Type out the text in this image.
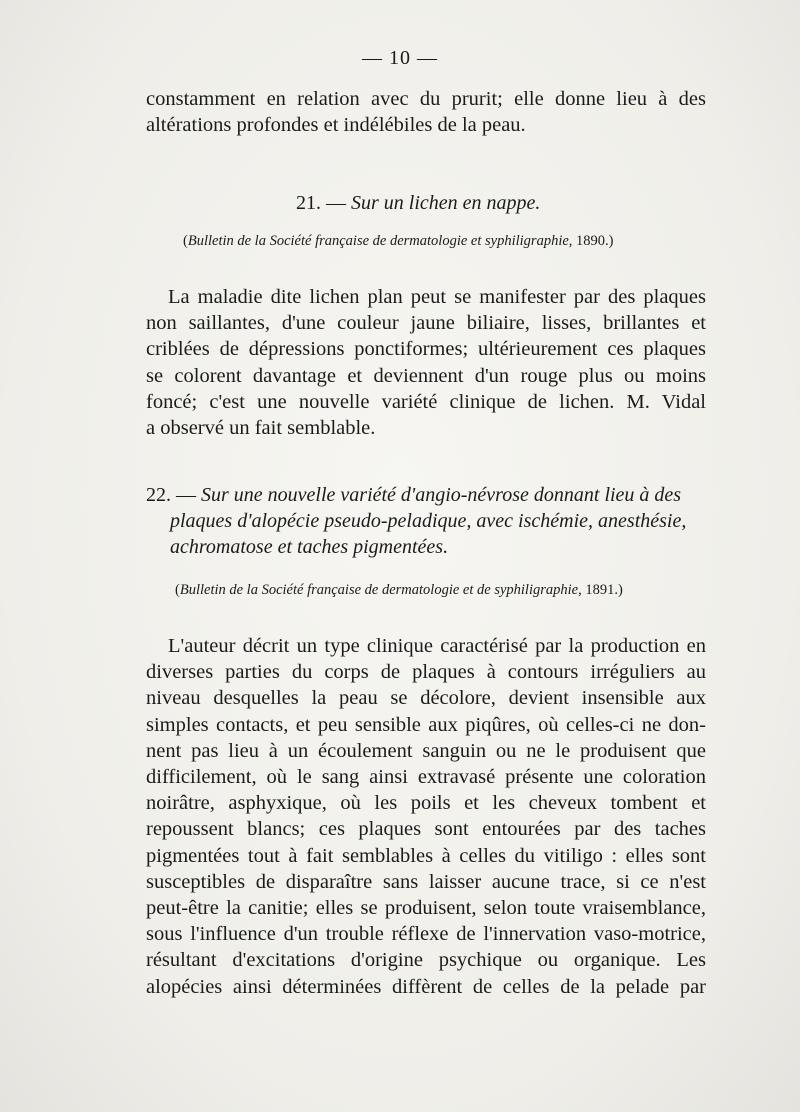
— 10 —
constamment en relation avec du prurit; elle donne lieu à des
altérations profondes et indélébiles de la peau.

21. — Sur un lichen en nappe.

(Bulletin de la Société française de dermatologie et syphiligraphie, 1890.)

La maladie dite lichen plan peut se manifester par des plaques
non saillantes, d'une couleur jaune biliaire, lisses, brillantes et
criblées de dépressions ponctiformes; ultérieurement ces plaques
se colorent davantage et deviennent d'un rouge plus ou moins
foncé; c'est une nouvelle variété clinique de lichen. M. Vidal
a observé un fait semblable.
22. — Sur une nouvelle variété d'angio-névrose donnant lieu à des
plaques d'alopécie pseudo-peladique, avec ischémie, anesthésie,
achromatose et taches pigmentées.

(Bulletin de la Société française de dermatologie et de syphiligraphie, 1891.)

L'auteur décrit un type clinique caractérisé par la production en
diverses parties du corps de plaques à contours irréguliers au
niveau desquelles la peau se décolore, devient insensible aux
simples contacts, et peu sensible aux piqûres, où celles-ci ne don-
nent pas lieu à un écoulement sanguin ou ne le produisent que
difficilement, où le sang ainsi extravasé présente une coloration
noirâtre, asphyxique, où les poils et les cheveux tombent et
repoussent blancs; ces plaques sont entourées par des taches
pigmentées tout à fait semblables à celles du vitiligo : elles sont
susceptibles de disparaître sans laisser aucune trace, si ce n'est
peut-être la canitie; elles se produisent, selon toute vraisemblance,
sous l'influence d'un trouble réflexe de l'innervation vaso-motrice,
résultant d'excitations d'origine psychique ou organique. Les
alopécies ainsi déterminées diffèrent de celles de la pelade par
